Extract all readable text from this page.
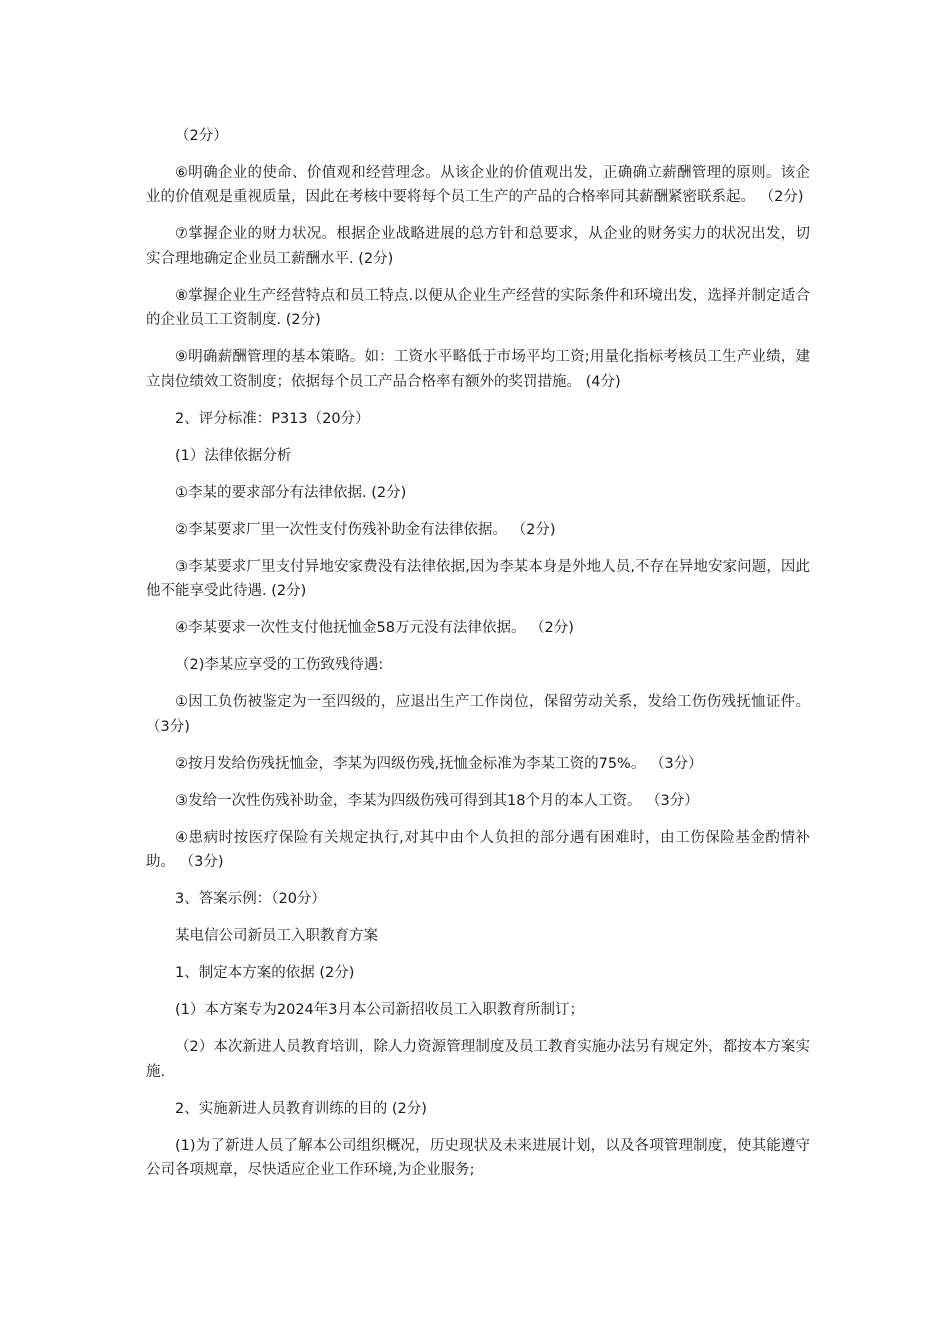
（2分）

⑥明确企业的使命、价值观和经营理念。从该企业的价值观出发，正确确立薪酬管理的原则。该企业的价值观是重视质量，因此在考核中要将每个员工生产的产品的合格率同其薪酬紧密联系起。 （2分)

⑦掌握企业的财力状况。根据企业战略进展的总方针和总要求，从企业的财务实力的状况出发，切实合理地确定企业员工薪酬水平. (2分)

⑧掌握企业生产经营特点和员工特点.以便从企业生产经营的实际条件和环境出发，选择并制定适合的企业员工工资制度. (2分)

⑨明确薪酬管理的基本策略。如：工资水平略低于市场平均工资;用量化指标考核员工生产业绩，建立岗位绩效工资制度；依据每个员工产品合格率有额外的奖罚措施。 (4分)

2、评分标准：P313（20分）

(1）法律依据分析

①李某的要求部分有法律依据. (2分)

②李某要求厂里一次性支付伤残补助金有法律依据。 （2分)

③李某要求厂里支付异地安家费没有法律依据,因为李某本身是外地人员,不存在异地安家问题，因此他不能享受此待遇. (2分)

④李某要求一次性支付他抚恤金58万元没有法律依据。 （2分)

（2)李某应享受的工伤致残待遇:

①因工负伤被鉴定为一至四级的，应退出生产工作岗位，保留劳动关系，发给工伤伤残抚恤证件。 （3分)

②按月发给伤残抚恤金，李某为四级伤残,抚恤金标准为李某工资的75%。 （3分）

③发给一次性伤残补助金，李某为四级伤残可得到其18个月的本人工资。 （3分）

④患病时按医疗保险有关规定执行,对其中由个人负担的部分遇有困难时，由工伤保险基金酌情补助。 （3分)

3、答案示例：（20分）

某电信公司新员工入职教育方案

1、制定本方案的依据 (2分)

(1）本方案专为2024年3月本公司新招收员工入职教育所制订；

（2）本次新进人员教育培训，除人力资源管理制度及员工教育实施办法另有规定外，都按本方案实施.

2、实施新进人员教育训练的目的 (2分)

(1)为了新进人员了解本公司组织概况，历史现状及未来进展计划，以及各项管理制度，使其能遵守公司各项规章，尽快适应企业工作环境,为企业服务;
